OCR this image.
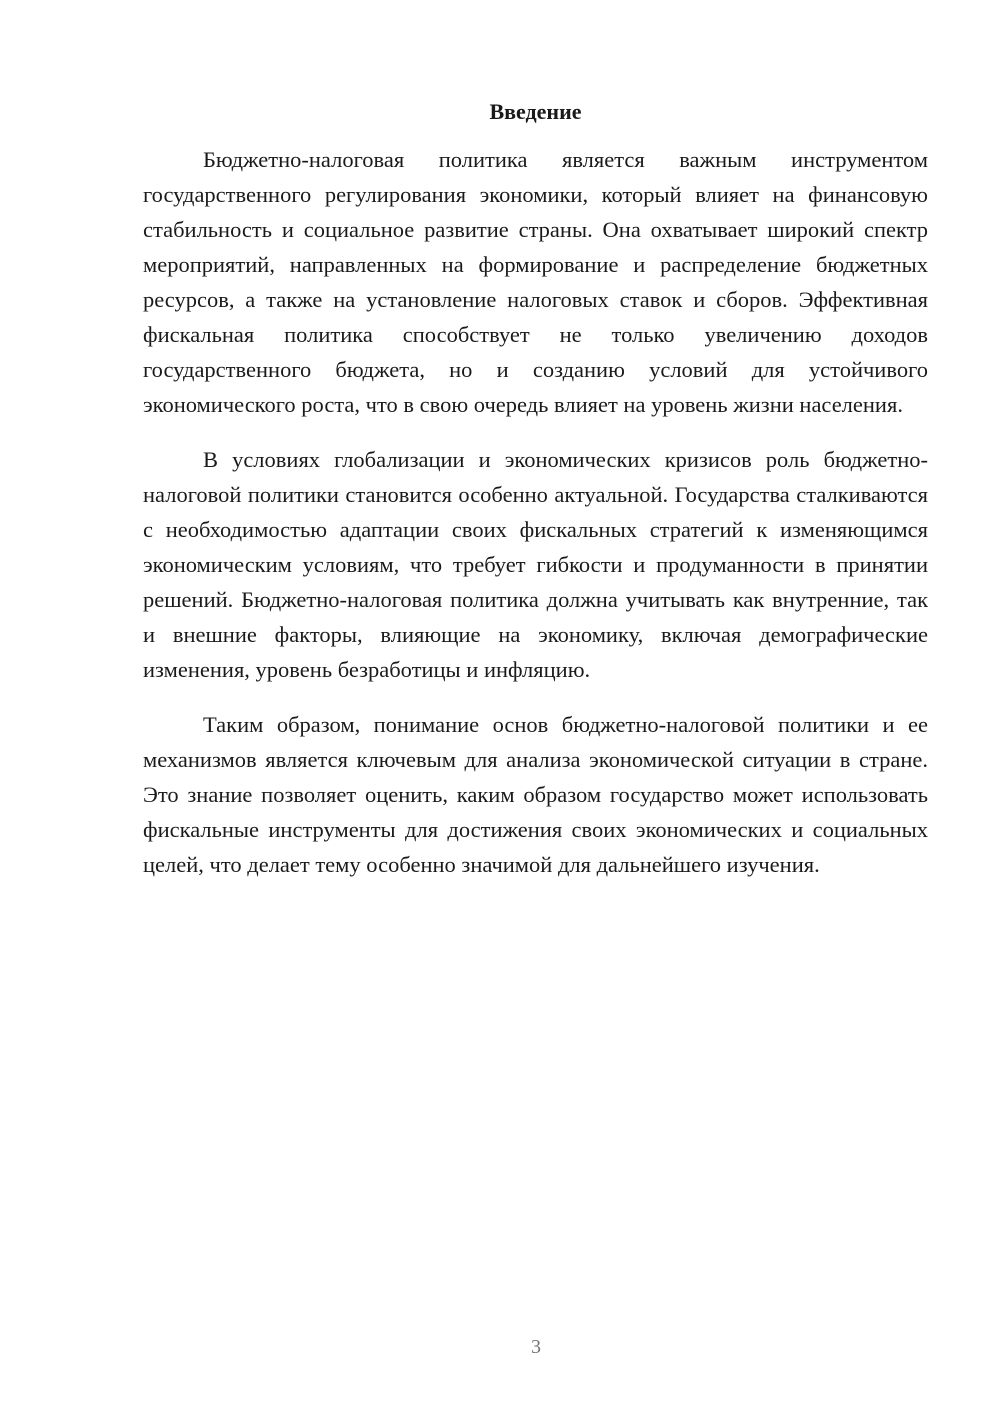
Введение

Бюджетно-налоговая политика является важным инструментом государственного регулирования экономики, который влияет на финансовую стабильность и социальное развитие страны. Она охватывает широкий спектр мероприятий, направленных на формирование и распределение бюджетных ресурсов, а также на установление налоговых ставок и сборов. Эффективная фискальная политика способствует не только увеличению доходов государственного бюджета, но и созданию условий для устойчивого экономического роста, что в свою очередь влияет на уровень жизни населения.

В условиях глобализации и экономических кризисов роль бюджетно-налоговой политики становится особенно актуальной. Государства сталкиваются с необходимостью адаптации своих фискальных стратегий к изменяющимся экономическим условиям, что требует гибкости и продуманности в принятии решений. Бюджетно-налоговая политика должна учитывать как внутренние, так и внешние факторы, влияющие на экономику, включая демографические изменения, уровень безработицы и инфляцию.

Таким образом, понимание основ бюджетно-налоговой политики и ее механизмов является ключевым для анализа экономической ситуации в стране. Это знание позволяет оценить, каким образом государство может использовать фискальные инструменты для достижения своих экономических и социальных целей, что делает тему особенно значимой для дальнейшего изучения.

3
